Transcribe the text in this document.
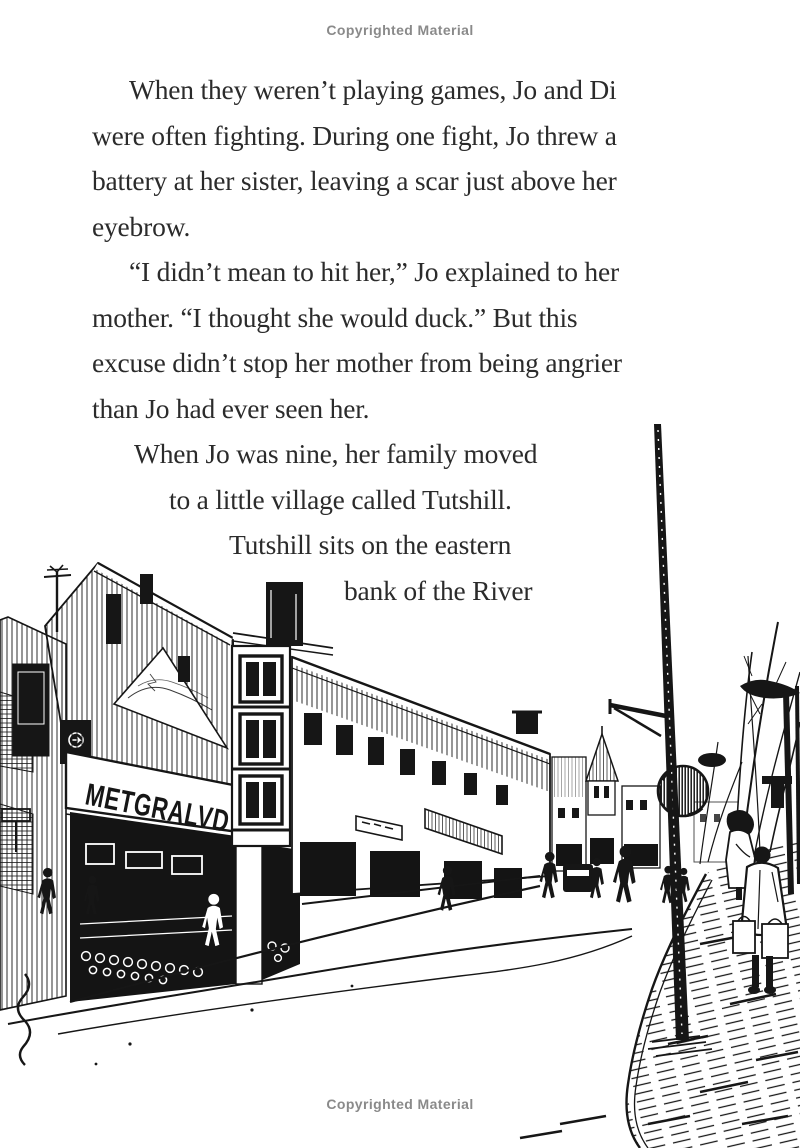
Copyrighted Material
When they weren’t playing games, Jo and Di
were often fighting. During one fight, Jo threw a
battery at her sister, leaving a scar just above her
eyebrow.
“I didn’t mean to hit her,” Jo explained to her
mother. “I thought she would duck.” But this
excuse didn’t stop her mother from being angrier
than Jo had ever seen her.
When Jo was nine, her family moved
to a little village called Tutshill.
Tutshill sits on the eastern
bank of the River
METGRALVD
Copyrighted Material
